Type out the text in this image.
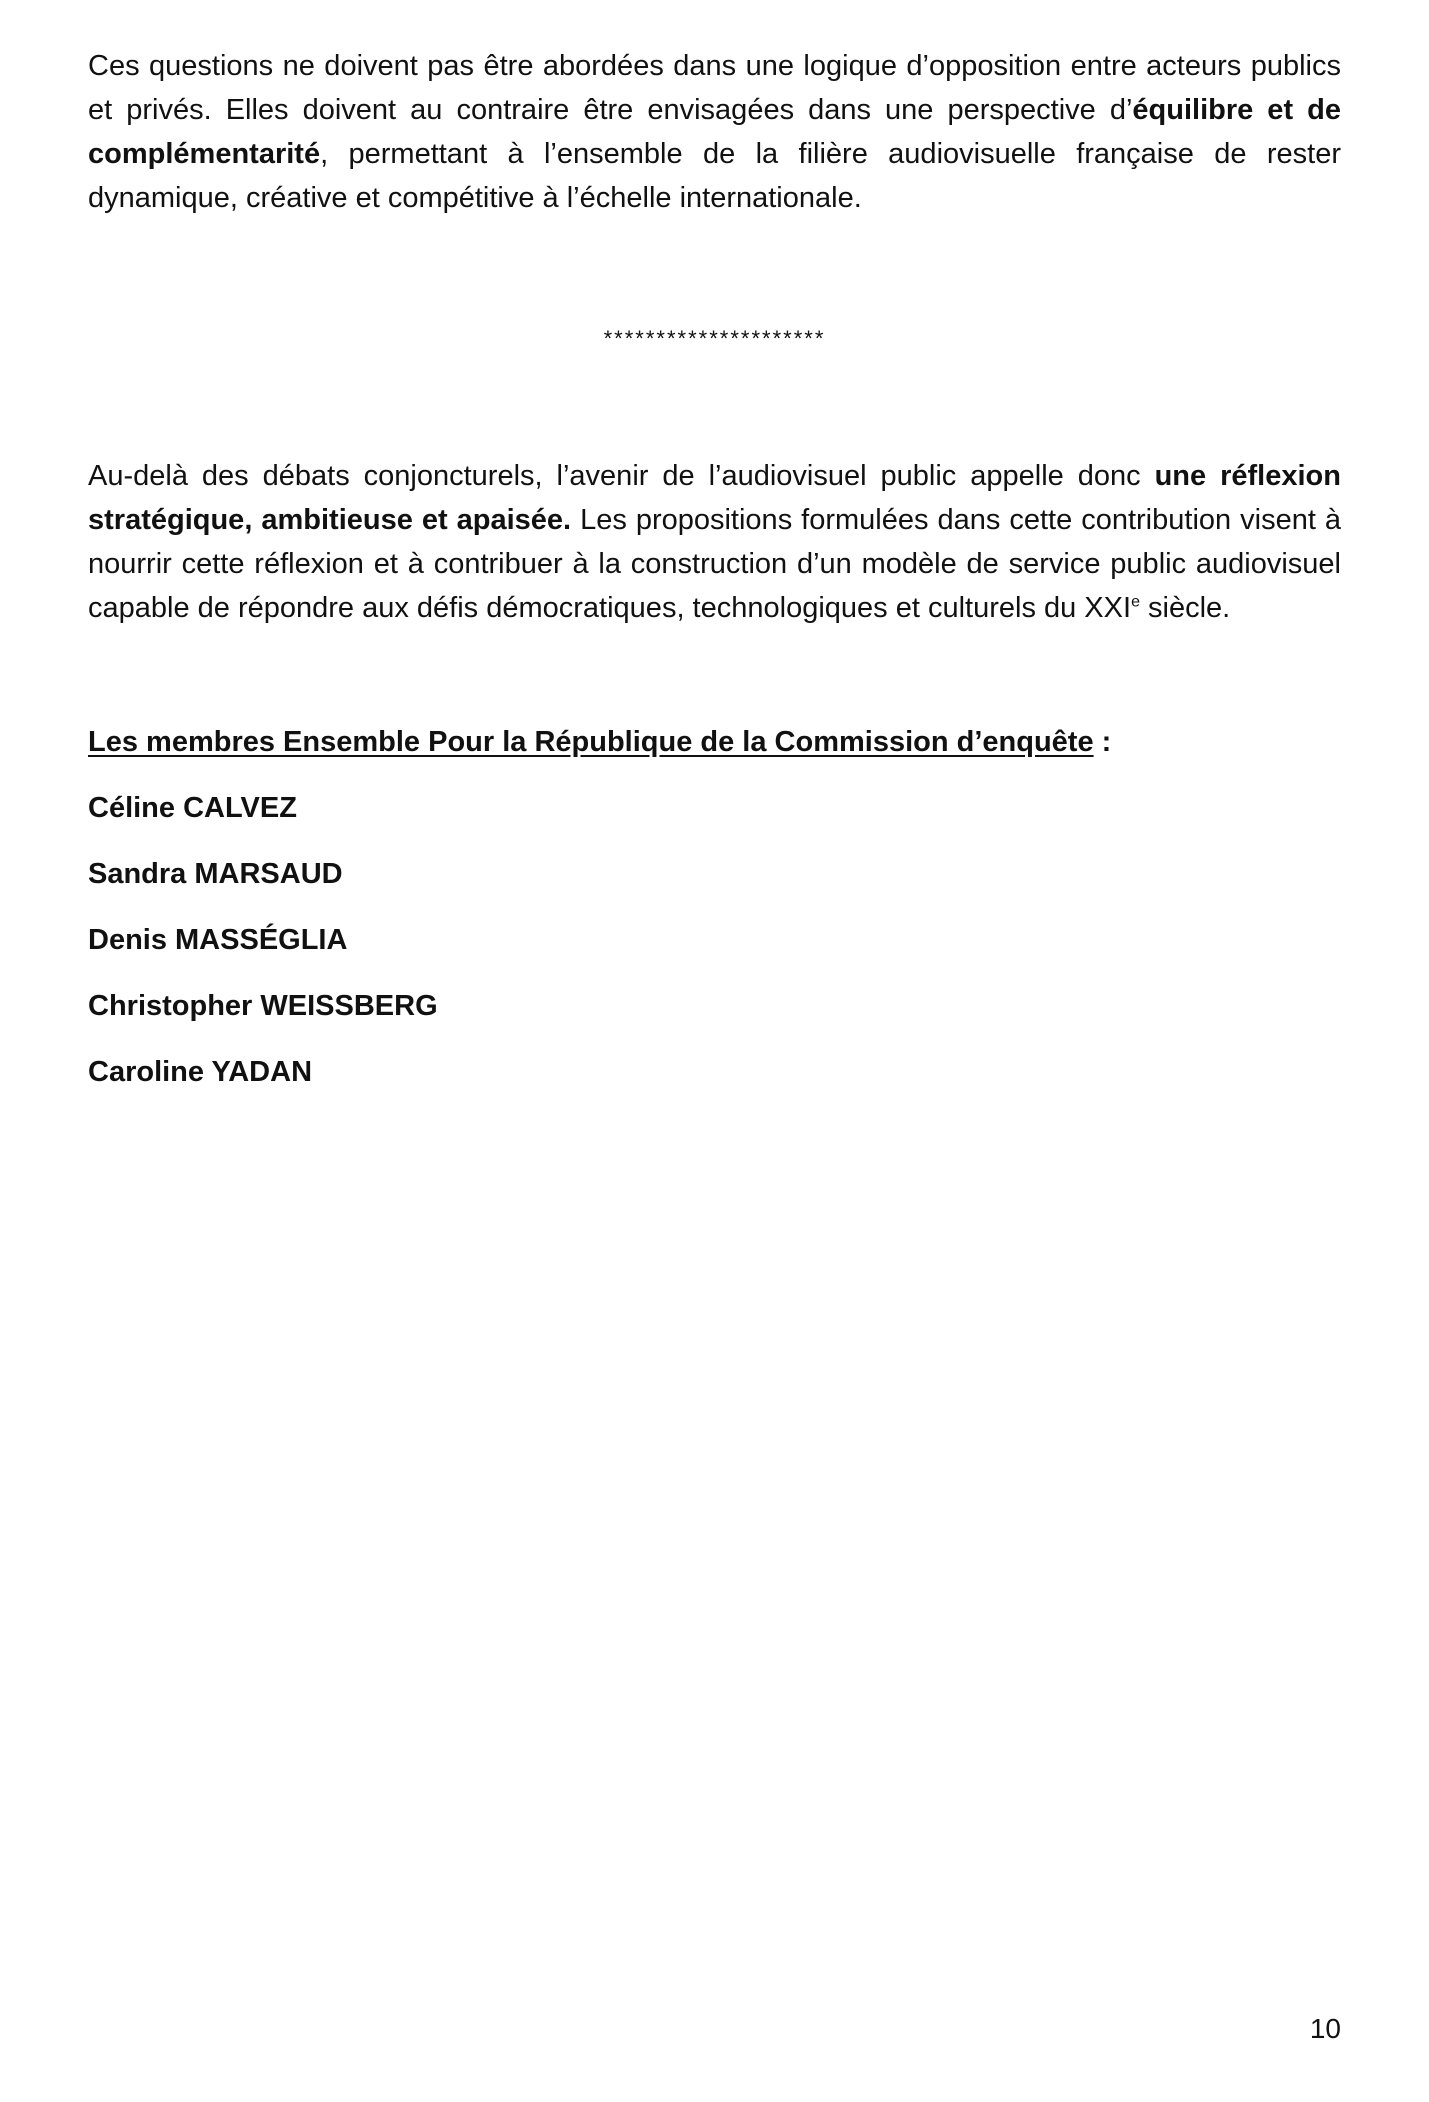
Ces questions ne doivent pas être abordées dans une logique d’opposition entre acteurs publics et privés. Elles doivent au contraire être envisagées dans une perspective d’équilibre et de complémentarité, permettant à l’ensemble de la filière audiovisuelle française de rester dynamique, créative et compétitive à l’échelle internationale.

*********************

Au-delà des débats conjoncturels, l’avenir de l’audiovisuel public appelle donc une réflexion stratégique, ambitieuse et apaisée. Les propositions formulées dans cette contribution visent à nourrir cette réflexion et à contribuer à la construction d’un modèle de service public audiovisuel capable de répondre aux défis démocratiques, technologiques et culturels du XXIe siècle.

Les membres Ensemble Pour la République de la Commission d’enquête :
Céline CALVEZ
Sandra MARSAUD
Denis MASSÉGLIA
Christopher WEISSBERG
Caroline YADAN
10
